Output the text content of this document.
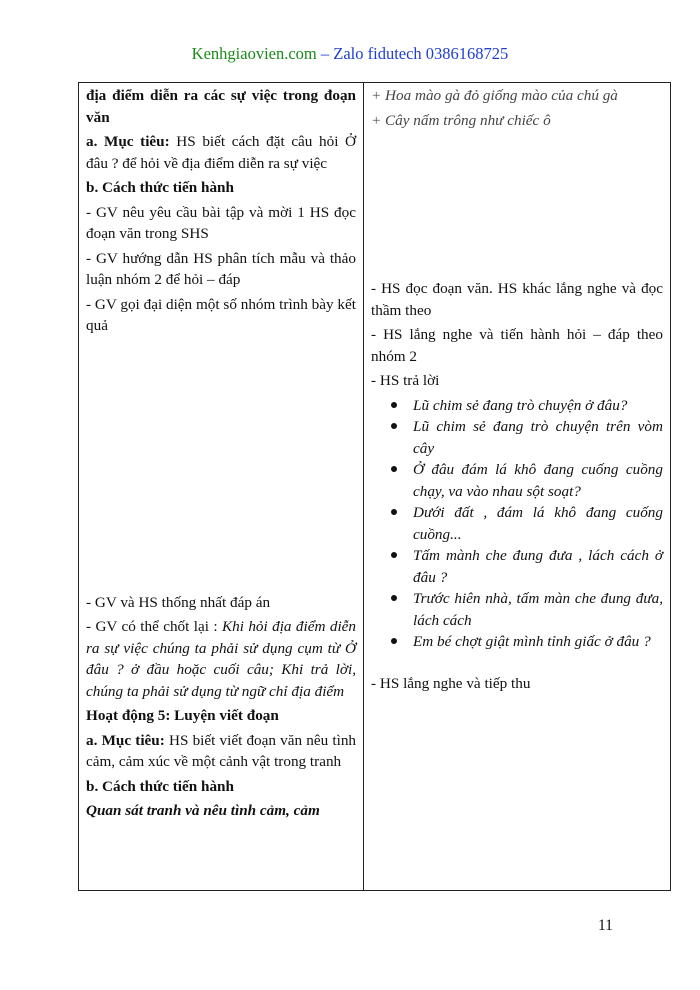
Kenhgiaovien.com – Zalo fidutech 0386168725
địa điểm diễn ra các sự việc trong đoạn văn
a. Mục tiêu: HS biết cách đặt câu hỏi Ở đâu ? để hỏi về địa điểm diễn ra sự việc
b. Cách thức tiến hành
- GV nêu yêu cầu bài tập và mời 1 HS đọc đoạn văn trong SHS
- GV hướng dẫn HS phân tích mẫu và thảo luận nhóm 2 để hỏi – đáp
- GV gọi đại diện một số nhóm trình bày kết quả
- GV và HS thống nhất đáp án
- GV có thể chốt lại : Khi hỏi địa điểm diễn ra sự việc chúng ta phải sử dụng cụm từ Ở đâu ? ở đầu hoặc cuối câu; Khi trả lời, chúng ta phải sử dụng từ ngữ chỉ địa điểm
Hoạt động 5: Luyện viết đoạn
a. Mục tiêu: HS biết viết đoạn văn nêu tình cảm, cảm xúc về một cảnh vật trong tranh
b. Cách thức tiến hành
Quan sát tranh và nêu tình cảm, cảm

+ Hoa mào gà đỏ giống mào của chú gà
+ Cây nấm trông như chiếc ô
- HS đọc đoạn văn. HS khác lắng nghe và đọc thầm theo
- HS lắng nghe và tiến hành hỏi – đáp theo nhóm 2
- HS trả lời
Lũ chim sẻ đang trò chuyện ở đâu?
Lũ chim sẻ đang trò chuyện trên vòm cây
Ở đâu đám lá khô đang cuống cuồng chạy, va vào nhau sột soạt?
Dưới đất , đám lá khô đang cuống cuồng...
Tấm mành che đung đưa , lách cách ở đâu ?
Trước hiên nhà, tấm màn che đung đưa, lách cách
Em bé chợt giật mình tỉnh giấc ở đâu ?
- HS lắng nghe và tiếp thu
11
